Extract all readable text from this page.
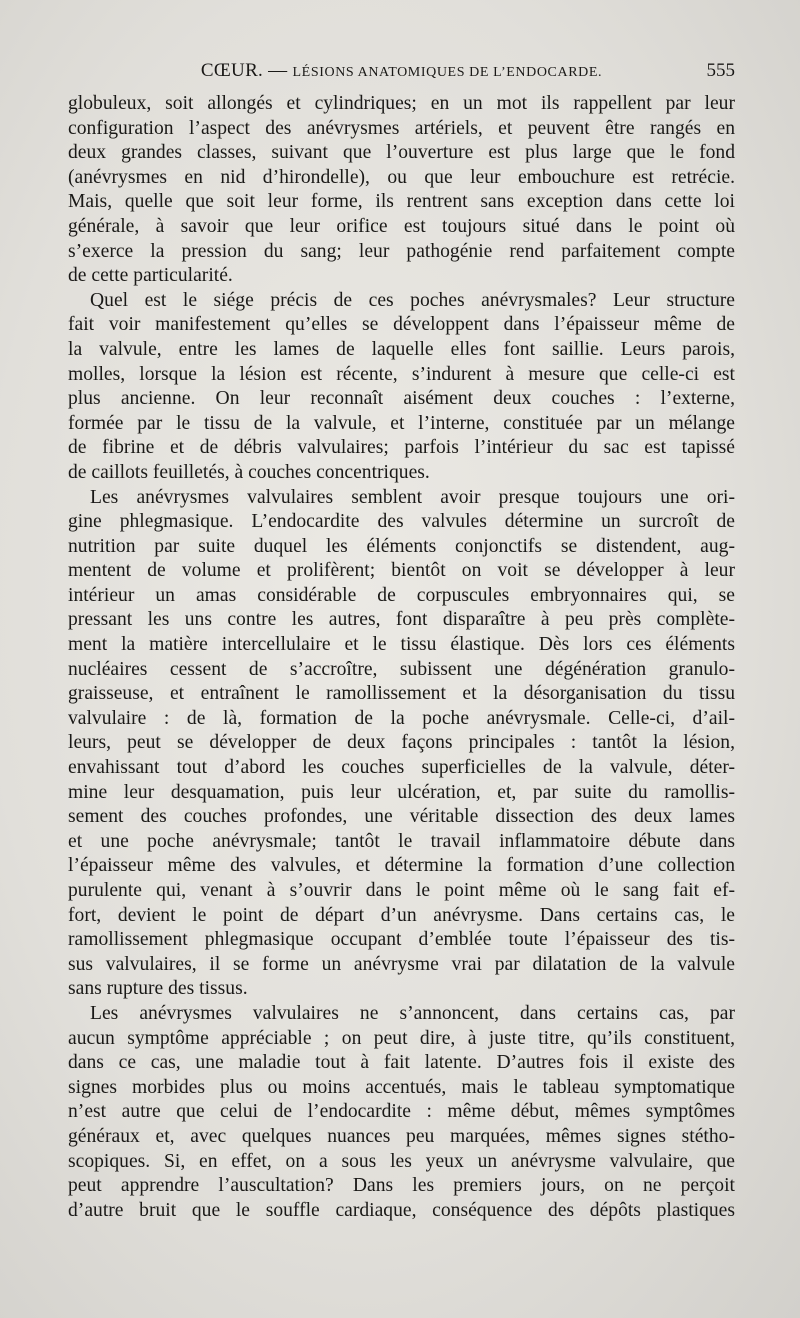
CŒUR. — LÉSIONS ANATOMIQUES DE L’ENDOCARDE.	555
globuleux, soit allongés et cylindriques; en un mot ils rappellent par leur
configuration l’aspect des anévrysmes artériels, et peuvent être rangés en
deux grandes classes, suivant que l’ouverture est plus large que le fond
(anévrysmes en nid d’hirondelle), ou que leur embouchure est retrécie.
Mais, quelle que soit leur forme, ils rentrent sans exception dans cette loi
générale, à savoir que leur orifice est toujours situé dans le point où
s’exerce la pression du sang; leur pathogénie rend parfaitement compte
de cette particularité.
Quel est le siége précis de ces poches anévrysmales? Leur structure
fait voir manifestement qu’elles se développent dans l’épaisseur même de
la valvule, entre les lames de laquelle elles font saillie. Leurs parois,
molles, lorsque la lésion est récente, s’indurent à mesure que celle-ci est
plus ancienne. On leur reconnaît aisément deux couches : l’externe,
formée par le tissu de la valvule, et l’interne, constituée par un mélange
de fibrine et de débris valvulaires; parfois l’intérieur du sac est tapissé
de caillots feuilletés, à couches concentriques.
Les anévrysmes valvulaires semblent avoir presque toujours une ori-
gine phlegmasique. L’endocardite des valvules détermine un surcroît de
nutrition par suite duquel les éléments conjonctifs se distendent, aug-
mentent de volume et prolifèrent; bientôt on voit se développer à leur
intérieur un amas considérable de corpuscules embryonnaires qui, se
pressant les uns contre les autres, font disparaître à peu près complète-
ment la matière intercellulaire et le tissu élastique. Dès lors ces éléments
nucléaires cessent de s’accroître, subissent une dégénération granulo-
graisseuse, et entraînent le ramollissement et la désorganisation du tissu
valvulaire : de là, formation de la poche anévrysmale. Celle-ci, d’ail-
leurs, peut se développer de deux façons principales : tantôt la lésion,
envahissant tout d’abord les couches superficielles de la valvule, déter-
mine leur desquamation, puis leur ulcération, et, par suite du ramollis-
sement des couches profondes, une véritable dissection des deux lames
et une poche anévrysmale; tantôt le travail inflammatoire débute dans
l’épaisseur même des valvules, et détermine la formation d’une collection
purulente qui, venant à s’ouvrir dans le point même où le sang fait ef-
fort, devient le point de départ d’un anévrysme. Dans certains cas, le
ramollissement phlegmasique occupant d’emblée toute l’épaisseur des tis-
sus valvulaires, il se forme un anévrysme vrai par dilatation de la valvule
sans rupture des tissus.
Les anévrysmes valvulaires ne s’annoncent, dans certains cas, par
aucun symptôme appréciable ; on peut dire, à juste titre, qu’ils constituent,
dans ce cas, une maladie tout à fait latente. D’autres fois il existe des
signes morbides plus ou moins accentués, mais le tableau symptomatique
n’est autre que celui de l’endocardite : même début, mêmes symptômes
généraux et, avec quelques nuances peu marquées, mêmes signes stétho-
scopiques. Si, en effet, on a sous les yeux un anévrysme valvulaire, que
peut apprendre l’auscultation? Dans les premiers jours, on ne perçoit
d’autre bruit que le souffle cardiaque, conséquence des dépôts plastiques
